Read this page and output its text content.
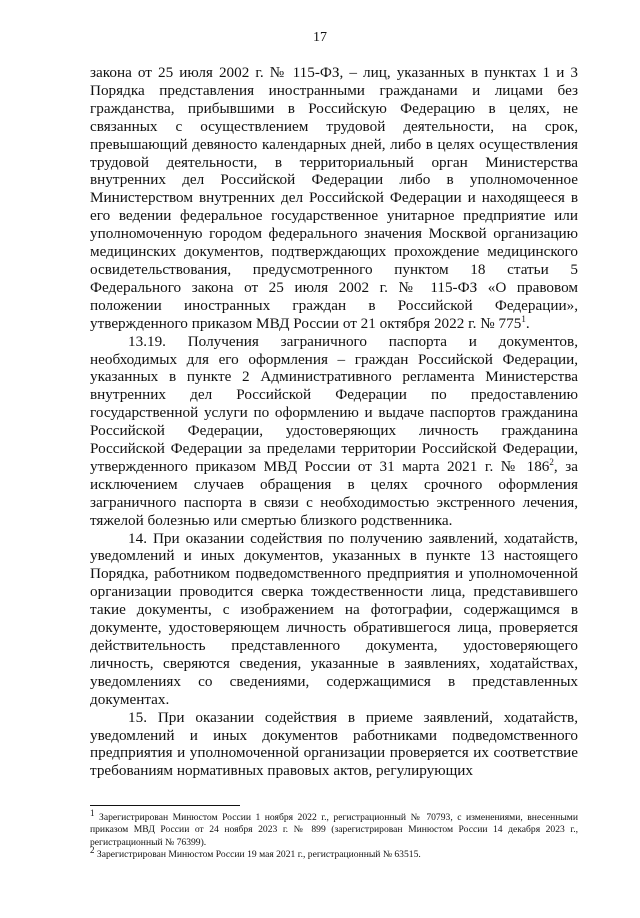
17

закона от 25 июля 2002 г. № 115-ФЗ, – лиц, указанных в пунктах 1 и 3 Порядка представления иностранными гражданами и лицами без гражданства, прибывшими в Российскую Федерацию в целях, не связанных с осуществлением трудовой деятельности, на срок, превышающий девяносто календарных дней, либо в целях осуществления трудовой деятельности, в территориальный орган Министерства внутренних дел Российской Федерации либо в уполномоченное Министерством внутренних дел Российской Федерации и находящееся в его ведении федеральное государственное унитарное предприятие или уполномоченную городом федерального значения Москвой организацию медицинских документов, подтверждающих прохождение медицинского освидетельствования, предусмотренного пунктом 18 статьи 5 Федерального закона от 25 июля 2002 г. № 115-ФЗ «О правовом положении иностранных граждан в Российской Федерации», утвержденного приказом МВД России от 21 октября 2022 г. № $775^1$.

13.19. Получения заграничного паспорта и документов, необходимых для его оформления – граждан Российской Федерации, указанных в пункте 2 Административного регламента Министерства внутренних дел Российской Федерации по предоставлению государственной услуги по оформлению и выдаче паспортов гражданина Российской Федерации, удостоверяющих личность гражданина Российской Федерации за пределами территории Российской Федерации, утвержденного приказом МВД России от 31 марта 2021 г. № $186^2$, за исключением случаев обращения в целях срочного оформления заграничного паспорта в связи с необходимостью экстренного лечения, тяжелой болезнью или смертью близкого родственника.

14. При оказании содействия по получению заявлений, ходатайств, уведомлений и иных документов, указанных в пункте 13 настоящего Порядка, работником подведомственного предприятия и уполномоченной организации проводится сверка тождественности лица, представившего такие документы, с изображением на фотографии, содержащимся в документе, удостоверяющем личность обратившегося лица, проверяется действительность представленного документа, удостоверяющего личность, сверяются сведения, указанные в заявлениях, ходатайствах, уведомлениях со сведениями, содержащимися в представленных документах.

15. При оказании содействия в приеме заявлений, ходатайств, уведомлений и иных документов работниками подведомственного предприятия и уполномоченной организации проверяется их соответствие требованиям нормативных правовых актов, регулирующих

$^1$ Зарегистрирован Минюстом России 1 ноября 2022 г., регистрационный № 70793, с изменениями, внесенными приказом МВД России от 24 ноября 2023 г. № 899 (зарегистрирован Минюстом России 14 декабря 2023 г., регистрационный № 76399).

$^2$ Зарегистрирован Минюстом России 19 мая 2021 г., регистрационный № 63515.
